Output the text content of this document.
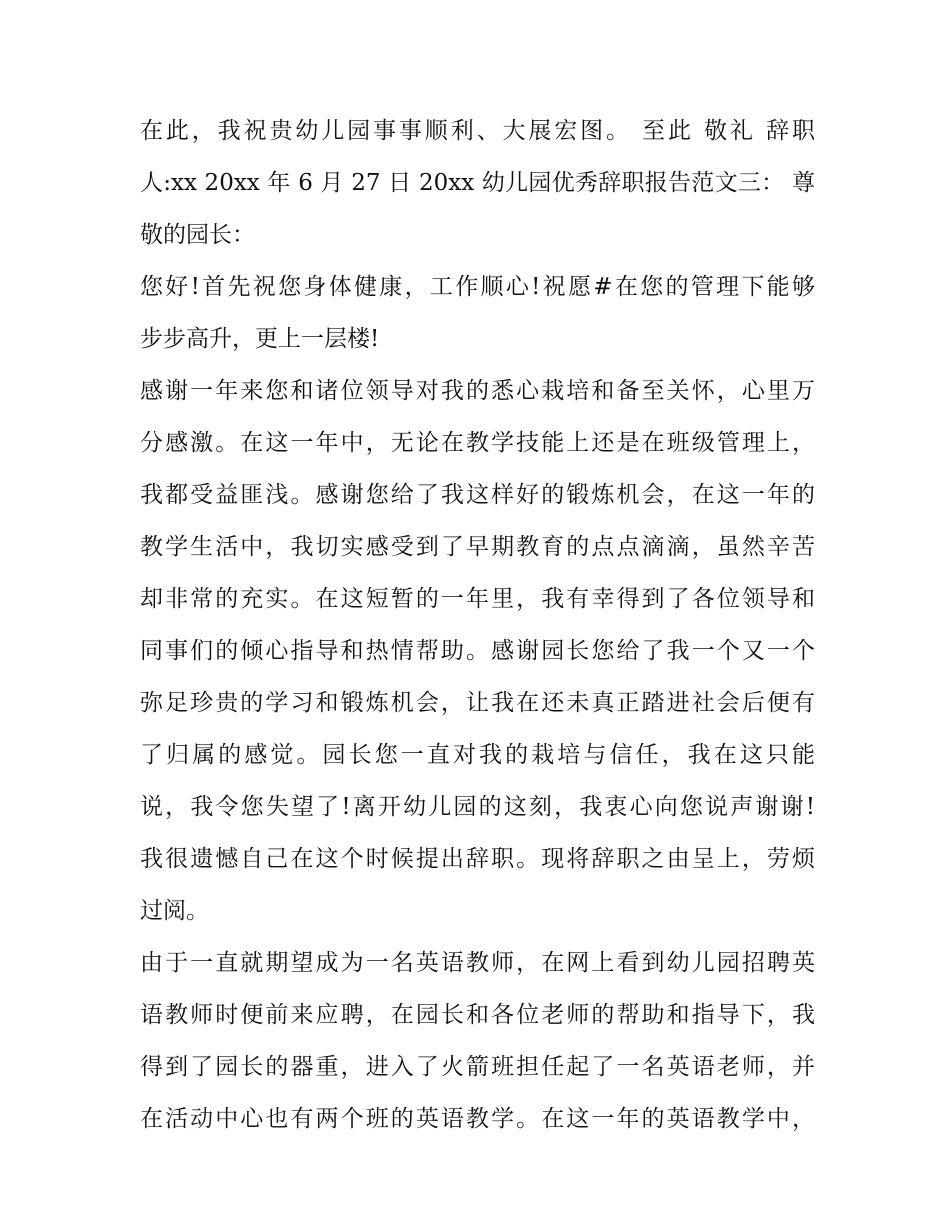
在此，我祝贵幼儿园事事顺利、大展宏图。 至此 敬礼 辞职
人:xx 20xx 年 6 月 27 日 20xx 幼儿园优秀辞职报告范文三： 尊
敬的园长：
您好!首先祝您身体健康，工作顺心!祝愿#在您的管理下能够
步步高升，更上一层楼!
感谢一年来您和诸位领导对我的悉心栽培和备至关怀，心里万
分感激。在这一年中，无论在教学技能上还是在班级管理上，
我都受益匪浅。感谢您给了我这样好的锻炼机会，在这一年的
教学生活中，我切实感受到了早期教育的点点滴滴，虽然辛苦
却非常的充实。在这短暂的一年里，我有幸得到了各位领导和
同事们的倾心指导和热情帮助。感谢园长您给了我一个又一个
弥足珍贵的学习和锻炼机会，让我在还未真正踏进社会后便有
了归属的感觉。园长您一直对我的栽培与信任，我在这只能
说，我令您失望了!离开幼儿园的这刻，我衷心向您说声谢谢!
我很遗憾自己在这个时候提出辞职。现将辞职之由呈上，劳烦
过阅。
由于一直就期望成为一名英语教师，在网上看到幼儿园招聘英
语教师时便前来应聘，在园长和各位老师的帮助和指导下，我
得到了园长的器重，进入了火箭班担任起了一名英语老师，并
在活动中心也有两个班的英语教学。在这一年的英语教学中，
